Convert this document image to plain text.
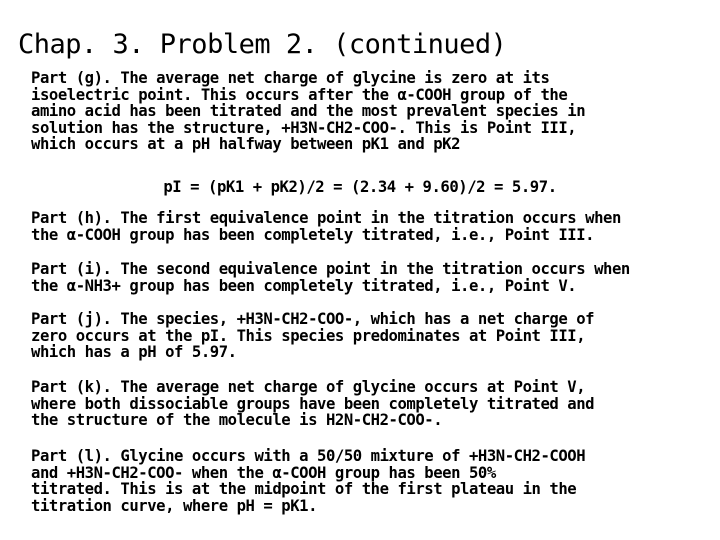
Chap. 3. Problem 2. (continued)
Part (g). The average net charge of glycine is zero at its
isoelectric point. This occurs after the α-COOH group of the
amino acid has been titrated and the most prevalent species in
solution has the structure, +H3N-CH2-COO-. This is Point III,
which occurs at a pH halfway between pK1 and pK2
pI = (pK1 + pK2)/2 = (2.34 + 9.60)/2 = 5.97.
Part (h). The first equivalence point in the titration occurs when
the α-COOH group has been completely titrated, i.e., Point III.
Part (i). The second equivalence point in the titration occurs when
the α-NH3+ group has been completely titrated, i.e., Point V.
Part (j). The species, +H3N-CH2-COO-, which has a net charge of
zero occurs at the pI. This species predominates at Point III,
which has a pH of 5.97.
Part (k). The average net charge of glycine occurs at Point V,
where both dissociable groups have been completely titrated and
the structure of the molecule is H2N-CH2-COO-.
Part (l). Glycine occurs with a 50/50 mixture of +H3N-CH2-COOH
and +H3N-CH2-COO- when the α-COOH group has been 50%
titrated. This is at the midpoint of the first plateau in the
titration curve, where pH = pK1.
